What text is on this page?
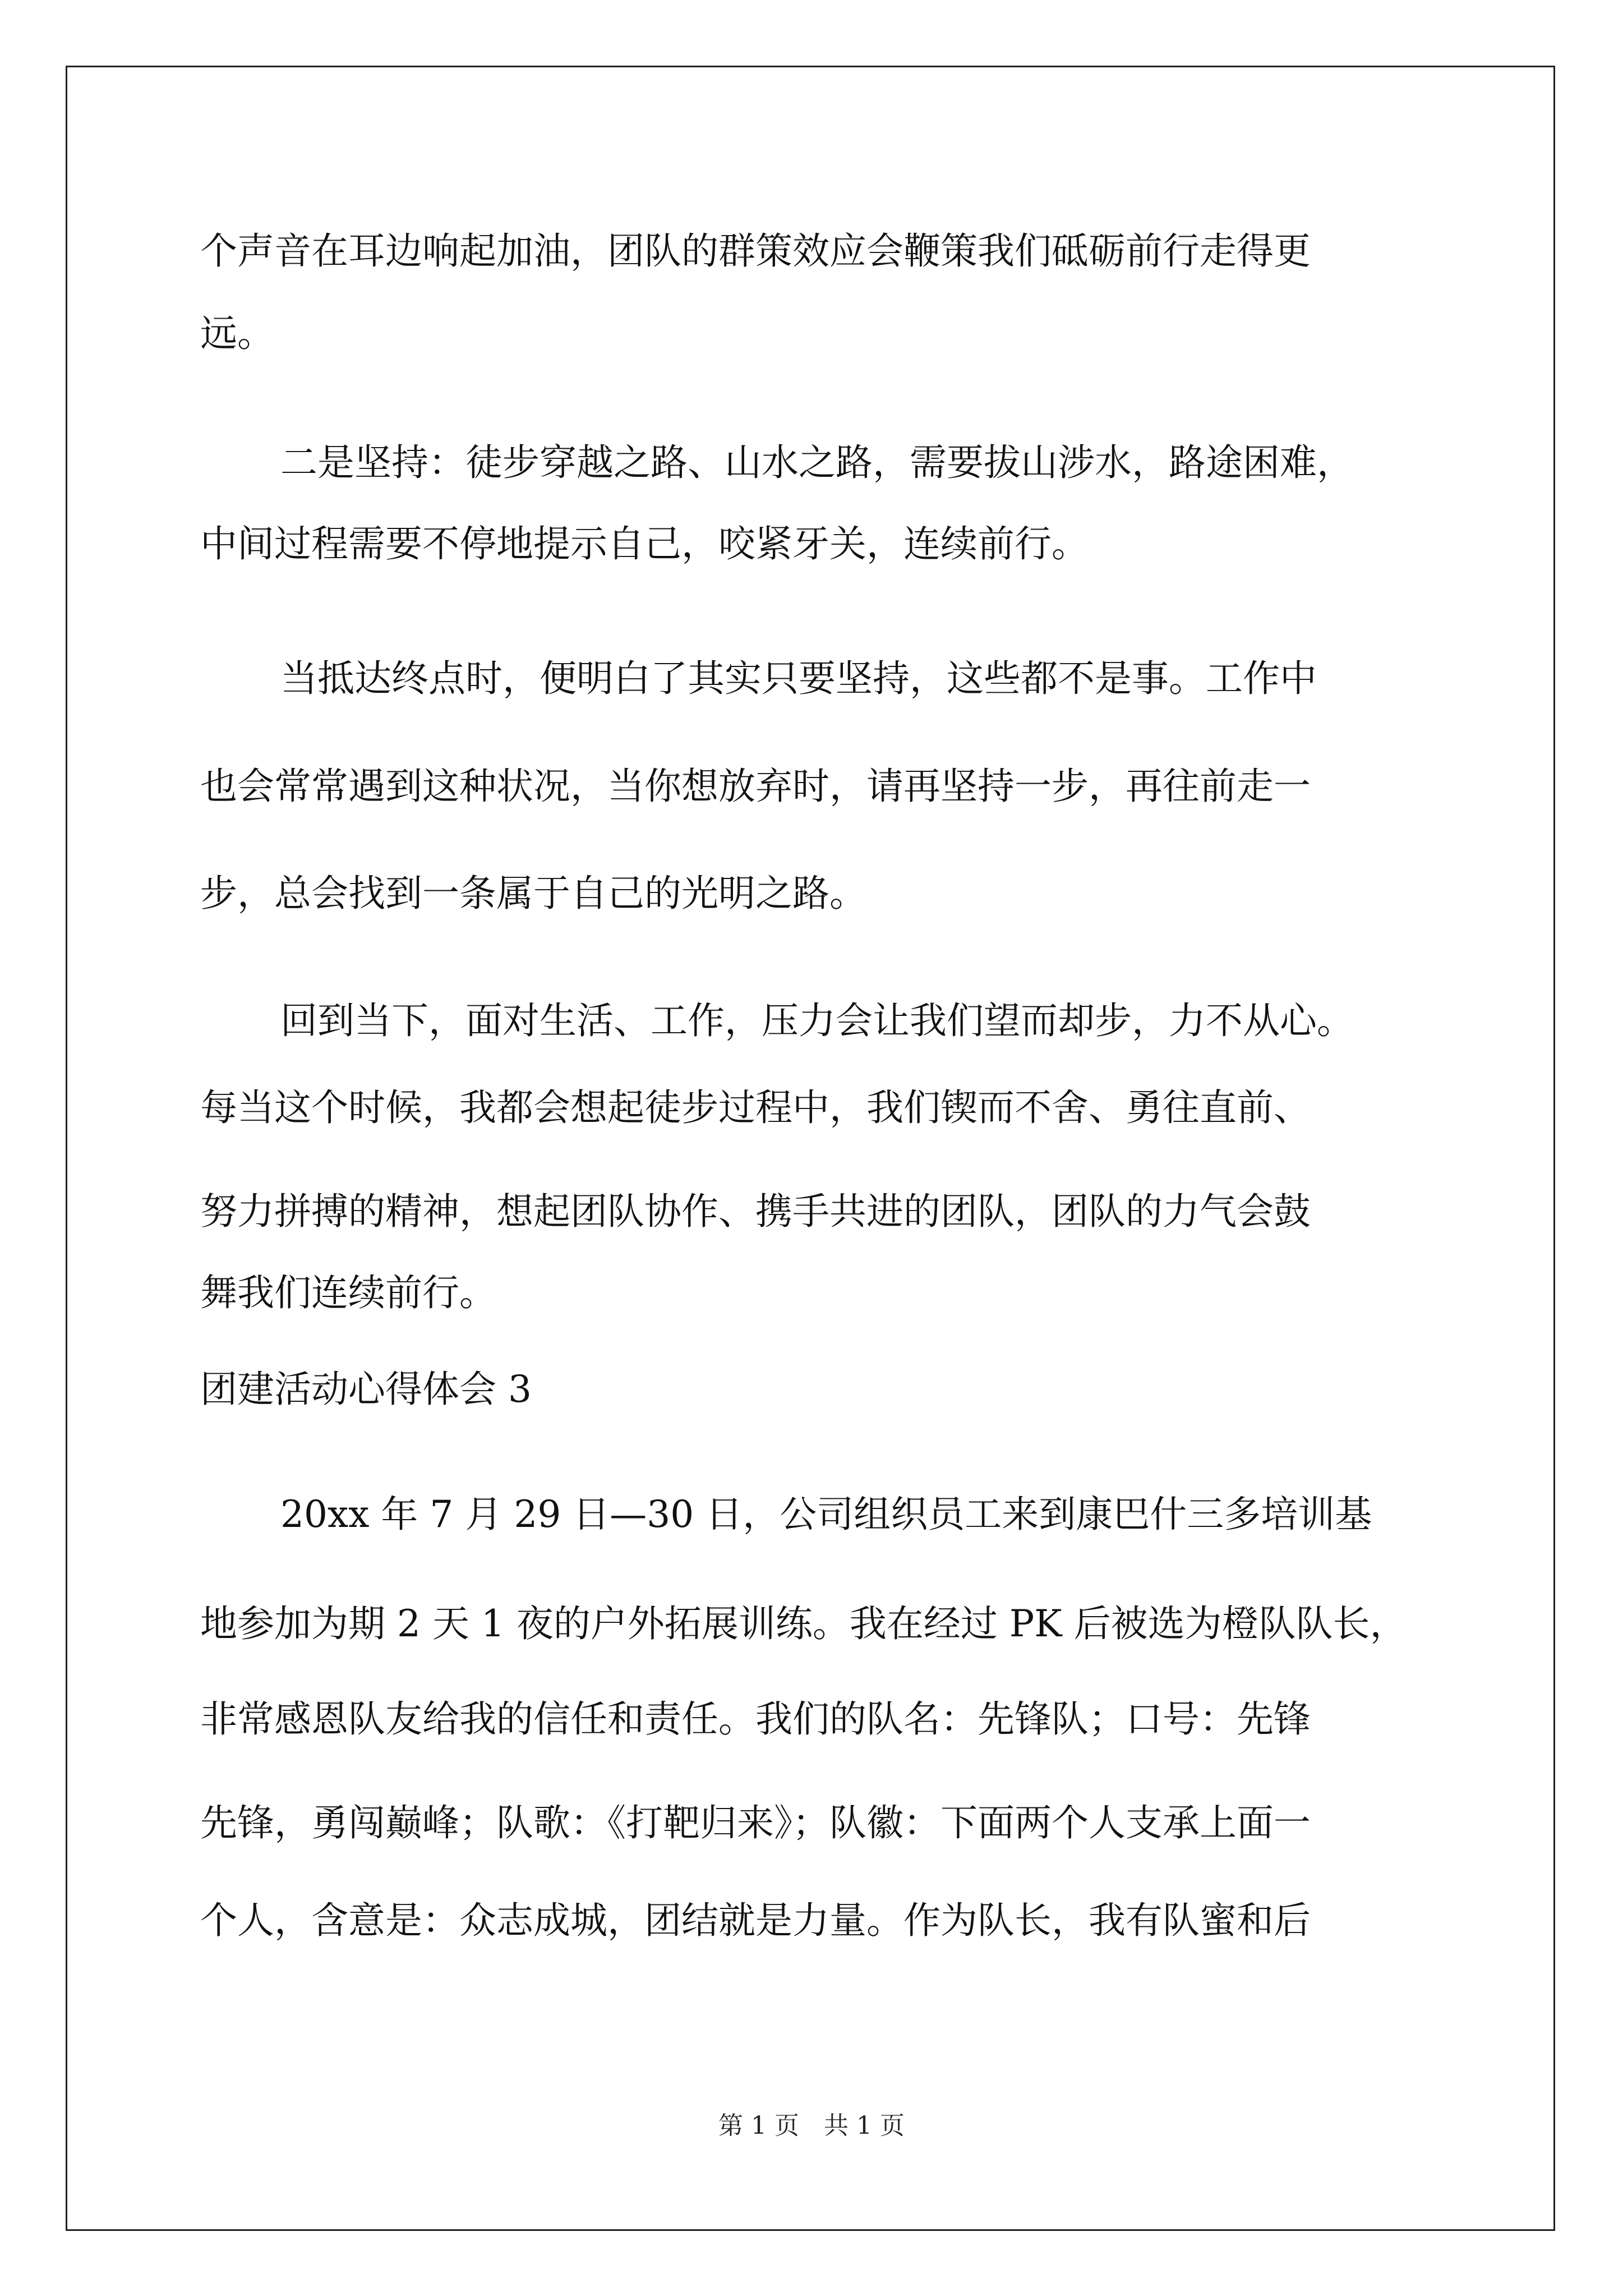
个声音在耳边响起加油，团队的群策效应会鞭策我们砥砺前行走得更
远。
二是坚持：徒步穿越之路、山水之路，需要拔山涉水，路途困难，
中间过程需要不停地提示自己，咬紧牙关，连续前行。
当抵达终点时，便明白了其实只要坚持，这些都不是事。工作中
也会常常遇到这种状况，当你想放弃时，请再坚持一步，再往前走一
步，总会找到一条属于自己的光明之路。
回到当下，面对生活、工作，压力会让我们望而却步，力不从心。
每当这个时候，我都会想起徒步过程中，我们锲而不舍、勇往直前、
努力拼搏的精神，想起团队协作、携手共进的团队，团队的力气会鼓
舞我们连续前行。
团建活动心得体会 3
20xx 年 7 月 29 日—30 日，公司组织员工来到康巴什三多培训基
地参加为期 2 天 1 夜的户外拓展训练。我在经过 PK 后被选为橙队队长，
非常感恩队友给我的信任和责任。我们的队名：先锋队；口号：先锋
先锋，勇闯巅峰；队歌：《打靶归来》；队徽：下面两个人支承上面一
个人，含意是：众志成城，团结就是力量。作为队长，我有队蜜和后
第 1 页　共 1 页
